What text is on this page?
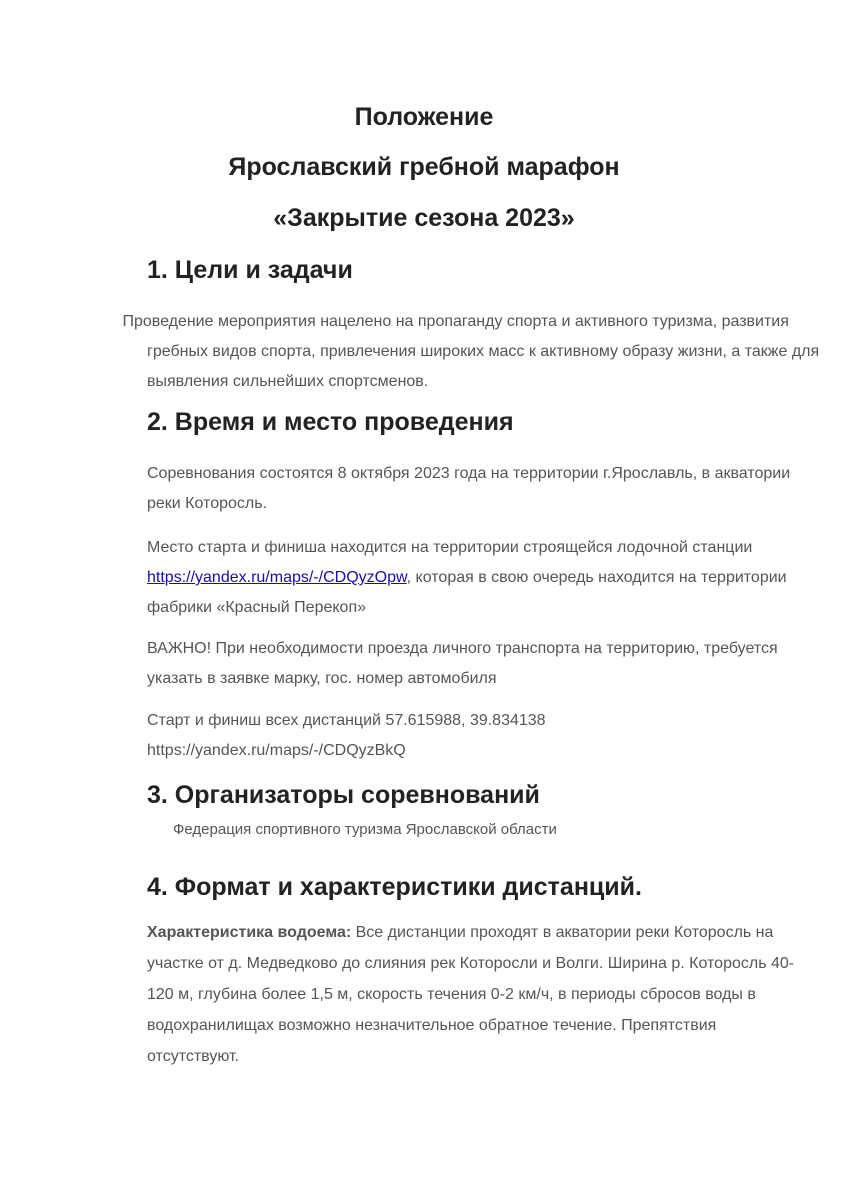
Положение
Ярославский гребной марафон
«Закрытие сезона 2023»
1. Цели и задачи
Проведение мероприятия нацелено на пропаганду спорта и активного туризма, развития
гребных видов спорта, привлечения широких масс к активному образу жизни, а также для
выявления сильнейших спортсменов.
2. Время и место проведения
Соревнования состоятся 8 октября 2023 года на территории г.Ярославль, в акватории
реки Которосль.
Место старта и финиша находится на территории строящейся лодочной станции
https://yandex.ru/maps/-/CDQyzOpw, которая в свою очередь находится на территории
фабрики «Красный Перекоп»
ВАЖНО! При необходимости проезда личного транспорта на территорию, требуется
указать в заявке марку, гос. номер автомобиля
Старт и финиш всех дистанций 57.615988, 39.834138
https://yandex.ru/maps/-/CDQyzBkQ
3. Организаторы соревнований
Федерация спортивного туризма Ярославской области
4. Формат и характеристики дистанций.
Характеристика водоема: Все дистанции проходят в акватории реки Которосль на
участке от д. Медведково до слияния рек Которосли и Волги. Ширина р. Которосль 40-
120 м, глубина более 1,5 м, скорость течения 0-2 км/ч, в периоды сбросов воды в
водохранилищах возможно незначительное обратное течение. Препятствия
отсутствуют.
